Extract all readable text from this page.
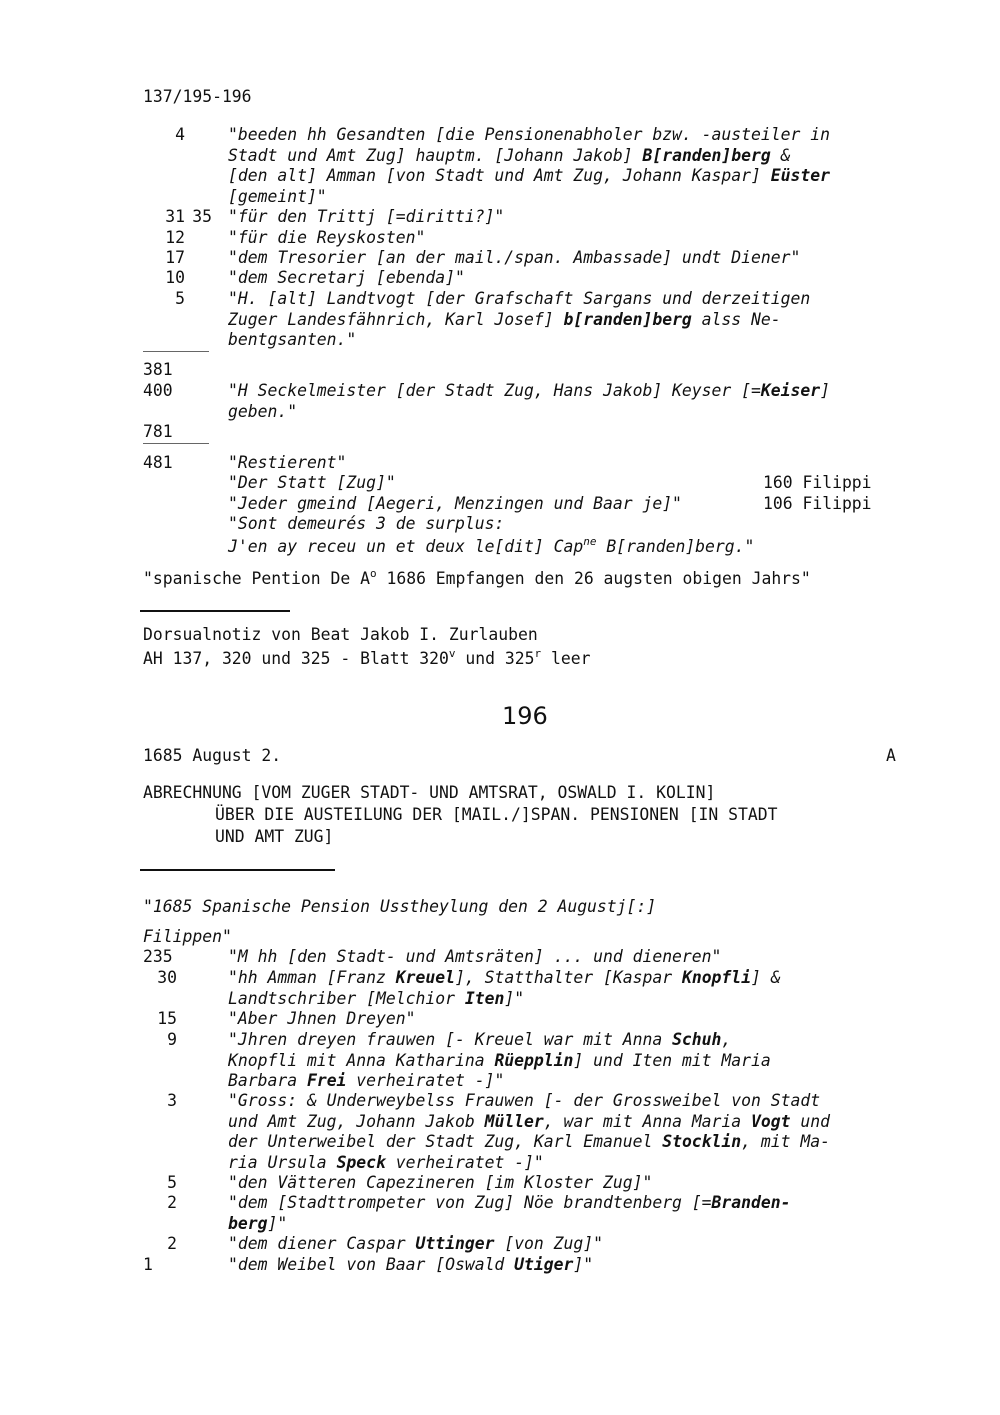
137/195-196
4	"beeden hh Gesandten [die Pensionenabholer bzw. -austeiler in
Stadt und Amt Zug] hauptm. [Johann Jakob] B[randen]berg &
[den alt] Amman [von Stadt und Amt Zug, Johann Kaspar] Eüster
[gemeint]"
31 35 "für den Trittj [=diritti?]"
12	"für die Reyskosten"
17	"dem Tresorier [an der mail./span. Ambassade] undt Diener"
10	"dem Secretarj [ebenda]"
5	"H. [alt] Landtvogt [der Grafschaft Sargans und derzeitigen
Zuger Landesfähnrich, Karl Josef] b[randen]berg alss Ne-
bentgsanten."
381
400	"H Seckelmeister [der Stadt Zug, Hans Jakob] Keyser [=Keiser]
geben."
781
481	"Restierent"
"Der Statt [Zug]"	160 Filippi
"Jeder gmeind [Aegeri, Menzingen und Baar je]"	106 Filippi
"Sont demeurés 3 de surplus:
J'en ay receu un et deux le[dit] Cap$^{ne}$ B[randen]berg."
"spanische Pention De $A^o$ 1686 Empfangen den 26 augsten obigen Jahrs"
Dorsualnotiz von Beat Jakob I. Zurlauben
AH 137, 320 und 325 - Blatt 320$^v$ und 325$^r$ leer
196
1685 August 2.	A
ABRECHNUNG [VOM ZUGER STADT- UND AMTSRAT, OSWALD I. KOLIN]
ÜBER DIE AUSTEILUNG DER [MAIL./]SPAN. PENSIONEN [IN STADT
UND AMT ZUG]
"1685 Spanische Pension Usstheylung den 2 Augustj[:]
Filippen"
235	"M hh [den Stadt- und Amtsräten] ... und dieneren"
30	"hh Amman [Franz Kreuel], Statthalter [Kaspar Knopfli] &
Landtschriber [Melchior Iten]"
15	"Aber Jhnen Dreyen"
9	"Jhren dreyen frauwen [- Kreuel war mit Anna Schuh,
Knopfli mit Anna Katharina Rüepplin] und Iten mit Maria
Barbara Frei verheiratet -]"
3	"Gross: & Underweybelss Frauwen [- der Grossweibel von Stadt
und Amt Zug, Johann Jakob Müller, war mit Anna Maria Vogt und
der Unterweibel der Stadt Zug, Karl Emanuel Stocklin, mit Ma-
ria Ursula Speck verheiratet -]"
5	"den Vätteren Capezineren [im Kloster Zug]"
2	"dem [Stadttrompeter von Zug] Nöe brandtenberg [=Branden-
berg]"
2	"dem diener Caspar Uttinger [von Zug]"
1	"dem Weibel von Baar [Oswald Utiger]"
